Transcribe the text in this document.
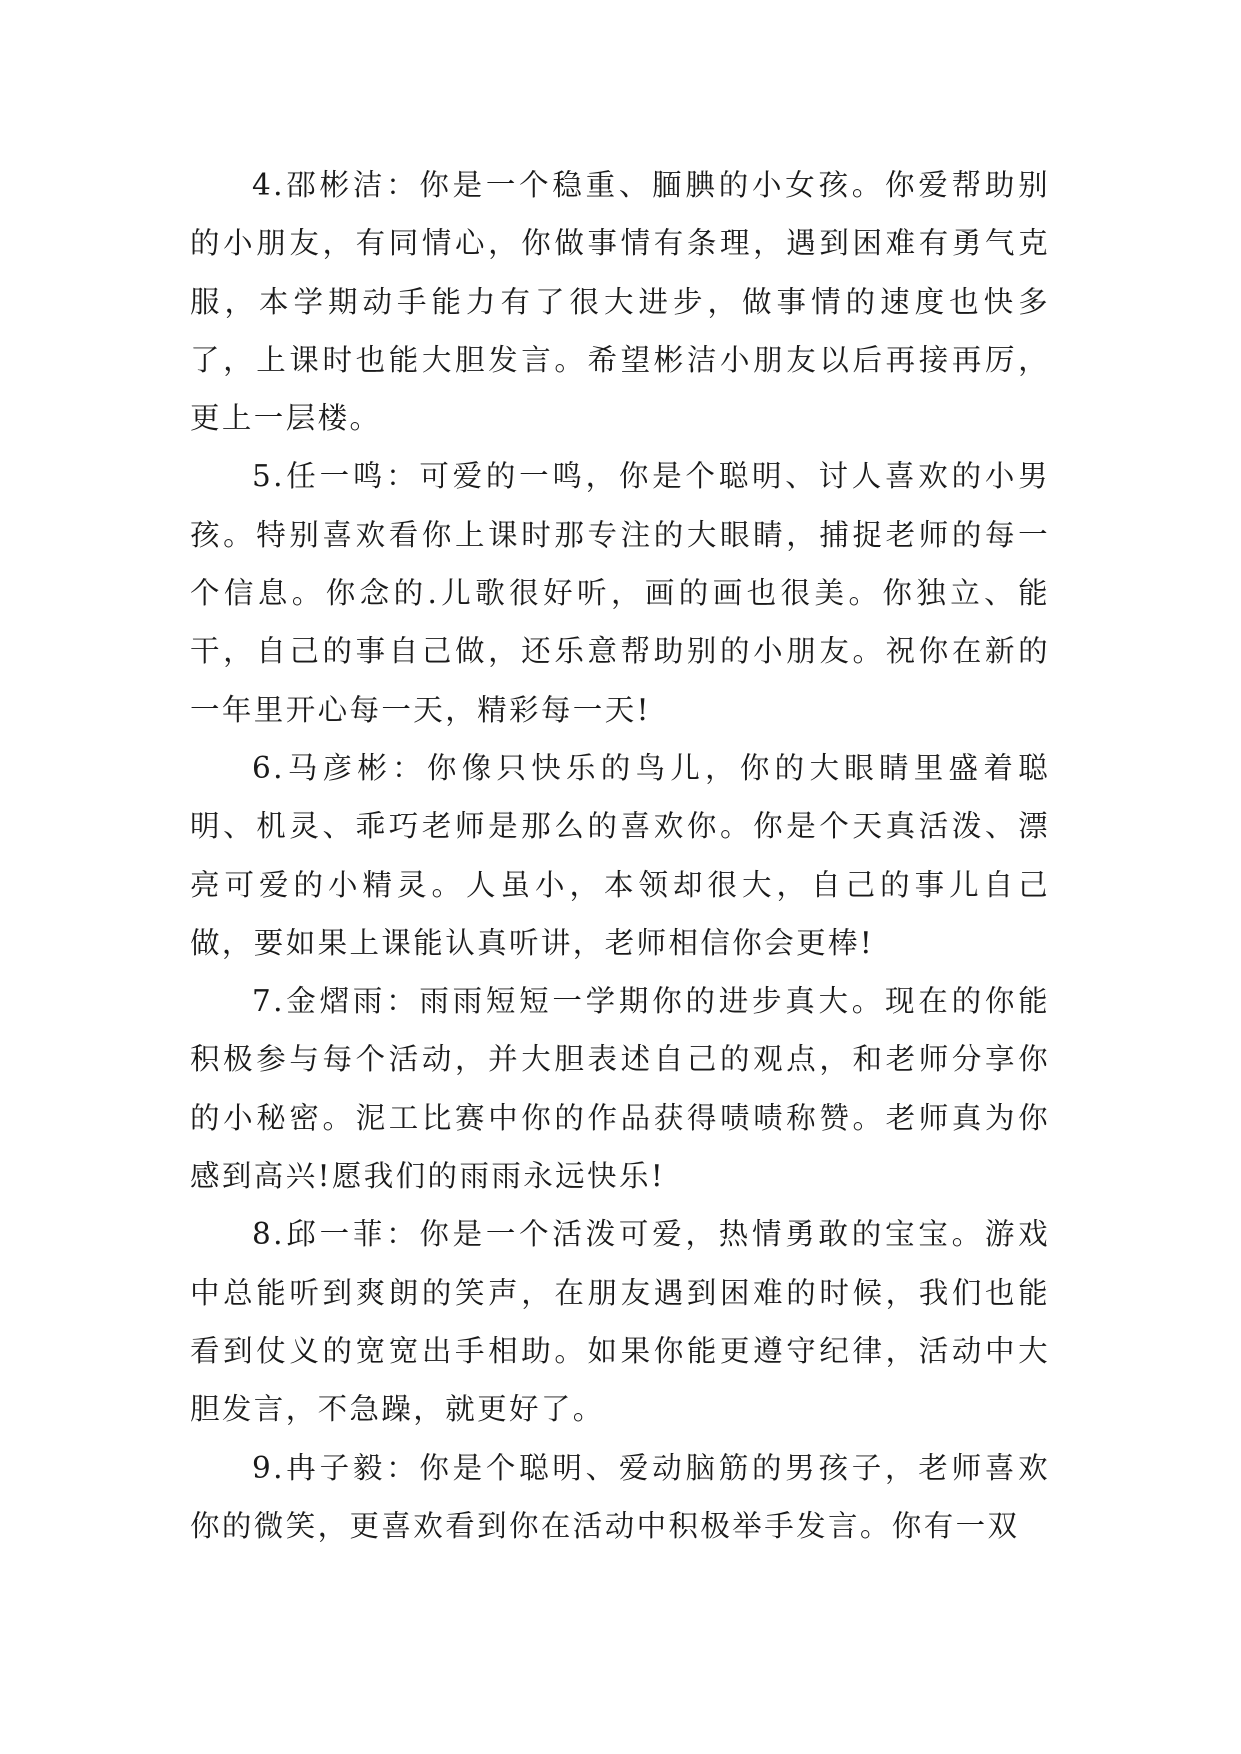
4.邵彬洁：你是一个稳重、腼腆的小女孩。你爱帮助别的小朋友，有同情心，你做事情有条理，遇到困难有勇气克服，本学期动手能力有了很大进步，做事情的速度也快多了，上课时也能大胆发言。希望彬洁小朋友以后再接再厉，更上一层楼。

5.任一鸣：可爱的一鸣，你是个聪明、讨人喜欢的小男孩。特别喜欢看你上课时那专注的大眼睛，捕捉老师的每一个信息。你念的.儿歌很好听，画的画也很美。你独立、能干，自己的事自己做，还乐意帮助别的小朋友。祝你在新的一年里开心每一天，精彩每一天!

6.马彦彬：你像只快乐的鸟儿，你的大眼睛里盛着聪明、机灵、乖巧老师是那么的喜欢你。你是个天真活泼、漂亮可爱的小精灵。人虽小，本领却很大，自己的事儿自己做，要如果上课能认真听讲，老师相信你会更棒!

7.金熠雨：雨雨短短一学期你的进步真大。现在的你能积极参与每个活动，并大胆表述自己的观点，和老师分享你的小秘密。泥工比赛中你的作品获得啧啧称赞。老师真为你感到高兴!愿我们的雨雨永远快乐!

8.邱一菲：你是一个活泼可爱，热情勇敢的宝宝。游戏中总能听到爽朗的笑声，在朋友遇到困难的时候，我们也能看到仗义的宽宽出手相助。如果你能更遵守纪律，活动中大胆发言，不急躁，就更好了。

9.冉子毅：你是个聪明、爱动脑筋的男孩子，老师喜欢你的微笑，更喜欢看到你在活动中积极举手发言。你有一双
